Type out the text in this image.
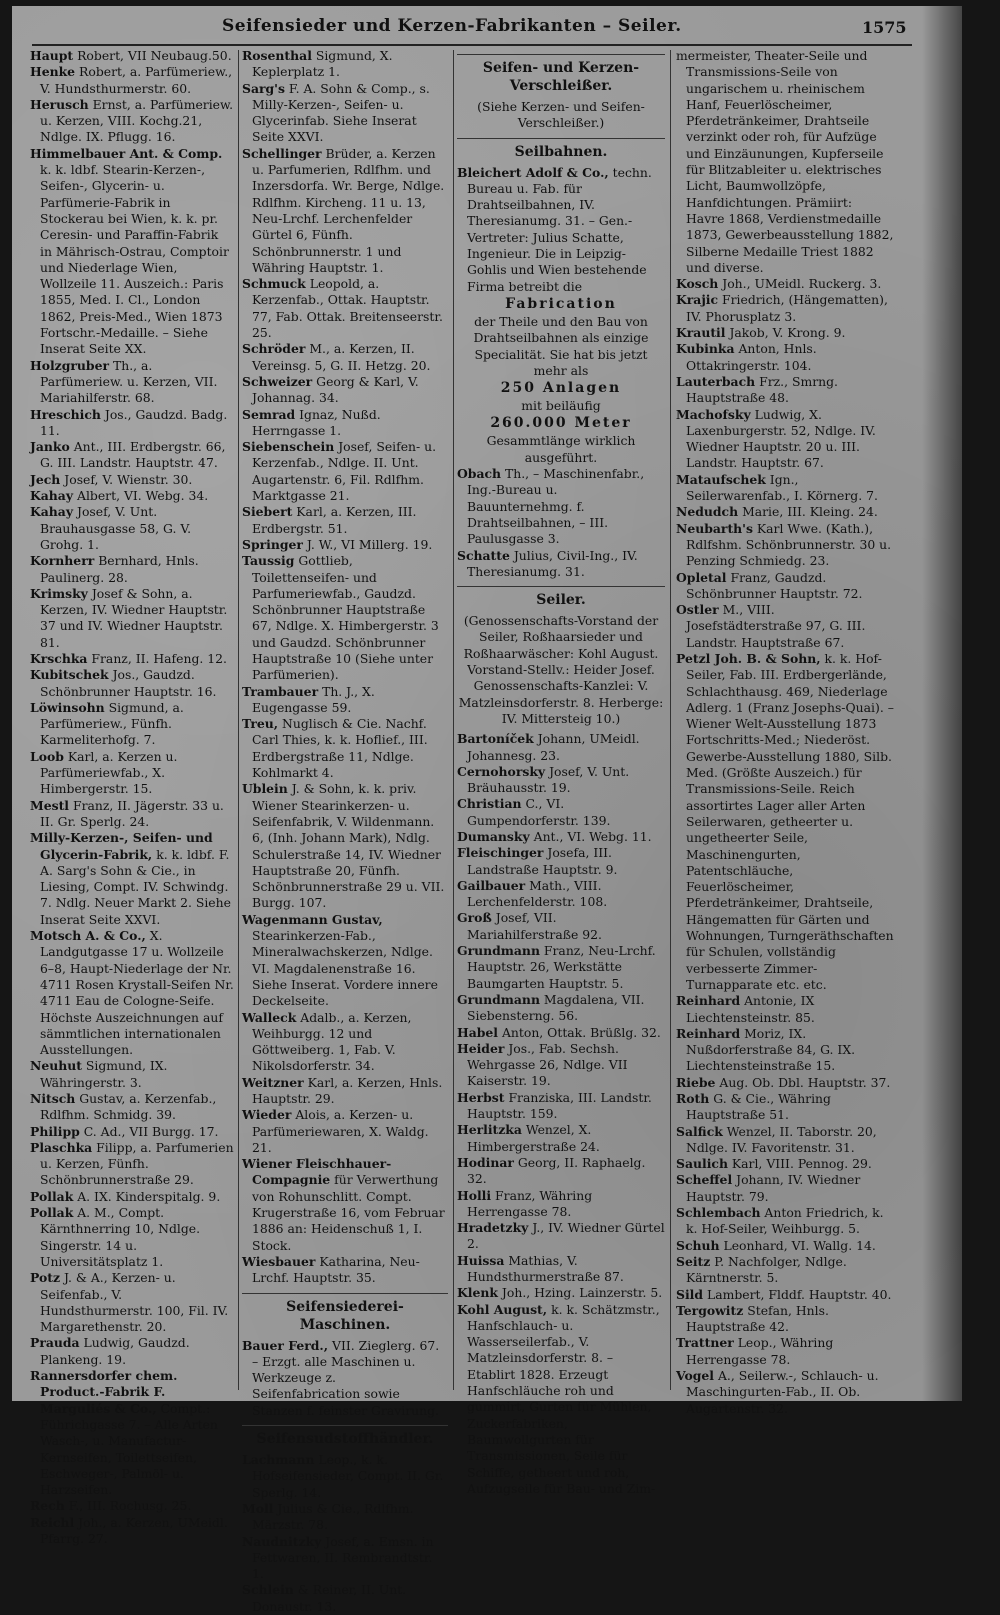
Seifensieder und Kerzen-Fabrikanten – Seiler.	1575

Haupt Robert, VII Neubaug.50.

Henke Robert, a. Parfümeriew., V. Hundsthurmerstr. 60.

Herusch Ernst, a. Parfümeriew. u. Kerzen, VIII. Kochg.21, Ndlge. IX. Pflugg. 16.

Himmelbauer Ant. & Comp. k. k. ldbf. Stearin-Kerzen-, Seifen-, Glycerin- u. Parfümerie-Fabrik in Stockerau bei Wien, k. k. pr. Ceresin- und Paraffin-Fabrik in Mährisch-Ostrau, Comptoir und Niederlage Wien, Wollzeile 11. Auszeich.: Paris 1855, Med. I. Cl., London 1862, Preis-Med., Wien 1873 Fortschr.-Medaille. – Siehe Inserat Seite XX.

Holzgruber Th., a. Parfümeriew. u. Kerzen, VII. Mariahilferstr. 68.

Hreschich Jos., Gaudzd. Badg. 11.

Janko Ant., III. Erdbergstr. 66, G. III. Landstr. Hauptstr. 47.

Jech Josef, V. Wienstr. 30.

Kahay Albert, VI. Webg. 34.

Kahay Josef, V. Unt. Brauhausgasse 58, G. V. Grohg. 1.

Kornherr Bernhard, Hnls. Paulinerg. 28.

Krimsky Josef & Sohn, a. Kerzen, IV. Wiedner Hauptstr. 37 und IV. Wiedner Hauptstr. 81.

Krschka Franz, II. Hafeng. 12.

Kubitschek Jos., Gaudzd. Schönbrunner Hauptstr. 16.

Löwinsohn Sigmund, a. Parfümeriew., Fünfh. Karmeliterhofg. 7.

Loob Karl, a. Kerzen u. Parfümeriewfab., X. Himbergerstr. 15.

Mestl Franz, II. Jägerstr. 33 u. II. Gr. Sperlg. 24.

Milly-Kerzen-, Seifen- und Glycerin-Fabrik, k. k. ldbf. F. A. Sarg's Sohn & Cie., in Liesing, Compt. IV. Schwindg. 7. Ndlg. Neuer Markt 2. Siehe Inserat Seite XXVI.

Motsch A. & Co., X. Landgutgasse 17 u. Wollzeile 6–8, Haupt-Niederlage der Nr. 4711 Rosen Krystall-Seifen Nr. 4711 Eau de Cologne-Seife. Höchste Auszeichnungen auf sämmtlichen internationalen Ausstellungen.

Neuhut Sigmund, IX. Währingerstr. 3.

Nitsch Gustav, a. Kerzenfab., Rdlfhm. Schmidg. 39.

Philipp C. Ad., VII Burgg. 17.

Plaschka Filipp, a. Parfumerien u. Kerzen, Fünfh. Schönbrunnerstraße 29.

Pollak A. IX. Kinderspitalg. 9.

Pollak A. M., Compt. Kärnthnerring 10, Ndlge. Singerstr. 14 u. Universitätsplatz 1.

Potz J. & A., Kerzen- u. Seifenfab., V. Hundsthurmerstr. 100, Fil. IV. Margarethenstr. 20.

Prauda Ludwig, Gaudzd. Plankeng. 19.

Rannersdorfer chem. Product.-Fabrik F. Marguliés & Co., Compt.: Führichgasse 7. – Alle Arten Wasch-, u. Manufactur-Kernseifen, Toilettseifen, Eschweger-, Palmöl- u. Harzseifen.

Rech F., III. Rochusg. 25.

Reichl Joh., a. Kerzen, UMeidl. Pfarrg. 27.

Rosenthal Sigmund, X. Keplerplatz 1.

Sarg's F. A. Sohn & Comp., s. Milly-Kerzen-, Seifen- u. Glycerinfab. Siehe Inserat Seite XXVI.

Schellinger Brüder, a. Kerzen u. Parfumerien, Rdlfhm. und Inzersdorfa. Wr. Berge, Ndlge. Rdlfhm. Kircheng. 11 u. 13, Neu-Lrchf. Lerchenfelder Gürtel 6, Fünfh. Schönbrunnerstr. 1 und Währing Hauptstr. 1.

Schmuck Leopold, a. Kerzenfab., Ottak. Hauptstr. 77, Fab. Ottak. Breitenseerstr. 25.

Schröder M., a. Kerzen, II. Vereinsg. 5, G. II. Hetzg. 20.

Schweizer Georg & Karl, V. Johannag. 34.

Semrad Ignaz, Nußd. Herrngasse 1.

Siebenschein Josef, Seifen- u. Kerzenfab., Ndlge. II. Unt. Augartenstr. 6, Fil. Rdlfhm. Marktgasse 21.

Siebert Karl, a. Kerzen, III. Erdbergstr. 51.

Springer J. W., VI Millerg. 19.

Taussig Gottlieb, Toilettenseifen- und Parfumeriewfab., Gaudzd. Schönbrunner Hauptstraße 67, Ndlge. X. Himbergerstr. 3 und Gaudzd. Schönbrunner Hauptstraße 10 (Siehe unter Parfümerien).

Trambauer Th. J., X. Eugengasse 59.

Treu, Nuglisch & Cie. Nachf. Carl Thies, k. k. Hoflief., III. Erdbergstraße 11, Ndlge. Kohlmarkt 4.

Ublein J. & Sohn, k. k. priv. Wiener Stearinkerzen- u. Seifenfabrik, V. Wildenmann. 6, (Inh. Johann Mark), Ndlg. Schulerstraße 14, IV. Wiedner Hauptstraße 20, Fünfh. Schönbrunnerstraße 29 u. VII. Burgg. 107.

Wagenmann Gustav, Stearinkerzen-Fab., Mineralwachskerzen, Ndlge. VI. Magdalenenstraße 16. Siehe Inserat. Vordere innere Deckelseite.

Walleck Adalb., a. Kerzen, Weihburgg. 12 und Göttweiberg. 1, Fab. V. Nikolsdorferstr. 34.

Weitzner Karl, a. Kerzen, Hnls. Hauptstr. 29.

Wieder Alois, a. Kerzen- u. Parfümeriewaren, X. Waldg. 21.

Wiener Fleischhauer-Compagnie für Verwerthung von Rohunschlitt. Compt. Krugerstraße 16, vom Februar 1886 an: Heidenschuß 1, I. Stock.

Wiesbauer Katharina, Neu-Lrchf. Hauptstr. 35.

Seifensiederei-Maschinen.

Bauer Ferd., VII. Zieglerg. 67. – Erzgt. alle Maschinen u. Werkzeuge z. Seifenfabrication sowie Stanzen f. feinster Gravirung.

Seifensudstoffhändler.

Lachmann Leop., k. k. Hofseifensieder, Compt. II. Gr. Sperlg. 14.

Moll Julius & Cie., Rdlfhm. Märzstr. 78.

Naudnitzky Josef, a. Emsn. in Fettwaren, II. Rembrandtstr. 1.

Schlein & Reiner, II. Unt. Donaustr. 13.

Seifen- und Kerzen-Verschleißer.

(Siehe Kerzen- und Seifen-Verschleißer.)

Seilbahnen.

Bleichert Adolf & Co., techn. Bureau u. Fab. für Drahtseilbahnen, IV. Theresianumg. 31. – Gen.-Vertreter: Julius Schatte, Ingenieur. Die in Leipzig-Gohlis und Wien bestehende Firma betreibt die

Fabrication

der Theile und den Bau von Drahtseilbahnen als einzige Specialität. Sie hat bis jetzt mehr als

250 Anlagen

mit beiläufig

260.000 Meter

Gesammtlänge wirklich ausgeführt.

Obach Th., – Maschinenfabr., Ing.-Bureau u. Bauunternehmg. f. Drahtseilbahnen, – III. Paulusgasse 3.

Schatte Julius, Civil-Ing., IV. Theresianumg. 31.

Seiler.

(Genossenschafts-Vorstand der Seiler, Roßhaarsieder und Roßhaarwäscher: Kohl August. Vorstand-Stellv.: Heider Josef. Genossenschafts-Kanzlei: V. Matzleinsdorferstr. 8. Herberge: IV. Mittersteig 10.)

Bartoníček Johann, UMeidl. Johannesg. 23.

Cernohorsky Josef, V. Unt. Bräuhausstr. 19.

Christian C., VI. Gumpendorferstr. 139.

Dumansky Ant., VI. Webg. 11.

Fleischinger Josefa, III. Landstraße Hauptstr. 9.

Gailbauer Math., VIII. Lerchenfelderstr. 108.

Groß Josef, VII. Mariahilferstraße 92.

Grundmann Franz, Neu-Lrchf. Hauptstr. 26, Werkstätte Baumgarten Hauptstr. 5.

Grundmann Magdalena, VII. Siebensterng. 56.

Habel Anton, Ottak. Brüßlg. 32.

Heider Jos., Fab. Sechsh. Wehrgasse 26, Ndlge. VII Kaiserstr. 19.

Herbst Franziska, III. Landstr. Hauptstr. 159.

Herlitzka Wenzel, X. Himbergerstraße 24.

Hodinar Georg, II. Raphaelg. 32.

Holli Franz, Währing Herrengasse 78.

Hradetzky J., IV. Wiedner Gürtel 2.

Huissa Mathias, V. Hundsthurmerstraße 87.

Klenk Joh., Hzing. Lainzerstr. 5.

Kohl August, k. k. Schätzmstr., Hanfschlauch- u. Wasserseilerfab., V. Matzleinsdorferstr. 8. – Etablirt 1828. Erzeugt Hanfschläuche roh und gummirt, Gurten für Mühlen, Zuckerfabriken, Baumwollgurten für Transmissionen, Seile für Schiffe, getheert und roh, Aufzugseile für Bau- und Zim-

mermeister, Theater-Seile und Transmissions-Seile von ungarischem u. rheinischem Hanf, Feuerlöscheimer, Pferdetränkeimer, Drahtseile verzinkt oder roh, für Aufzüge und Einzäunungen, Kupferseile für Blitzableiter u. elektrisches Licht, Baumwollzöpfe, Hanfdichtungen. Prämiirt: Havre 1868, Verdienstmedaille 1873, Gewerbeausstellung 1882, Silberne Medaille Triest 1882 und diverse.

Kosch Joh., UMeidl. Ruckerg. 3.

Krajic Friedrich, (Hängematten), IV. Phorusplatz 3.

Krautil Jakob, V. Krong. 9.

Kubinka Anton, Hnls. Ottakringerstr. 104.

Lauterbach Frz., Smrng. Hauptstraße 48.

Machofsky Ludwig, X. Laxenburgerstr. 52, Ndlge. IV. Wiedner Hauptstr. 20 u. III. Landstr. Hauptstr. 67.

Mataufschek Ign., Seilerwarenfab., I. Körnerg. 7.

Nedudch Marie, III. Kleing. 24.

Neubarth's Karl Wwe. (Kath.), Rdlfshm. Schönbrunnerstr. 30 u. Penzing Schmiedg. 23.

Opletal Franz, Gaudzd. Schönbrunner Hauptstr. 72.

Ostler M., VIII. Josefstädterstraße 97, G. III. Landstr. Hauptstraße 67.

Petzl Joh. B. & Sohn, k. k. Hof-Seiler, Fab. III. Erdbergerlände, Schlachthausg. 469, Niederlage Adlerg. 1 (Franz Josephs-Quai). – Wiener Welt-Ausstellung 1873 Fortschritts-Med.; Niederöst. Gewerbe-Ausstellung 1880, Silb. Med. (Größte Auszeich.) für Transmissions-Seile. Reich assortirtes Lager aller Arten Seilerwaren, getheerter u. ungetheerter Seile, Maschinengurten, Patentschläuche, Feuerlöscheimer, Pferdetränkeimer, Drahtseile, Hängematten für Gärten und Wohnungen, Turngeräthschaften für Schulen, vollständig verbesserte Zimmer-Turnapparate etc. etc.

Reinhard Antonie, IX Liechtensteinstr. 85.

Reinhard Moriz, IX. Nußdorferstraße 84, G. IX. Liechtensteinstraße 15.

Riebe Aug. Ob. Dbl. Hauptstr. 37.

Roth G. & Cie., Währing Hauptstraße 51.

Salfick Wenzel, II. Taborstr. 20, Ndlge. IV. Favoritenstr. 31.

Saulich Karl, VIII. Pennog. 29.

Scheffel Johann, IV. Wiedner Hauptstr. 79.

Schlembach Anton Friedrich, k. k. Hof-Seiler, Weihburgg. 5.

Schuh Leonhard, VI. Wallg. 14.

Seitz P. Nachfolger, Ndlge. Kärntnerstr. 5.

Sild Lambert, Flddf. Hauptstr. 40.

Tergowitz Stefan, Hnls. Hauptstraße 42.

Trattner Leop., Währing Herrengasse 78.

Vogel A., Seilerw.-, Schlauch- u. Maschingurten-Fab., II. Ob. Augartenstr. 32.
